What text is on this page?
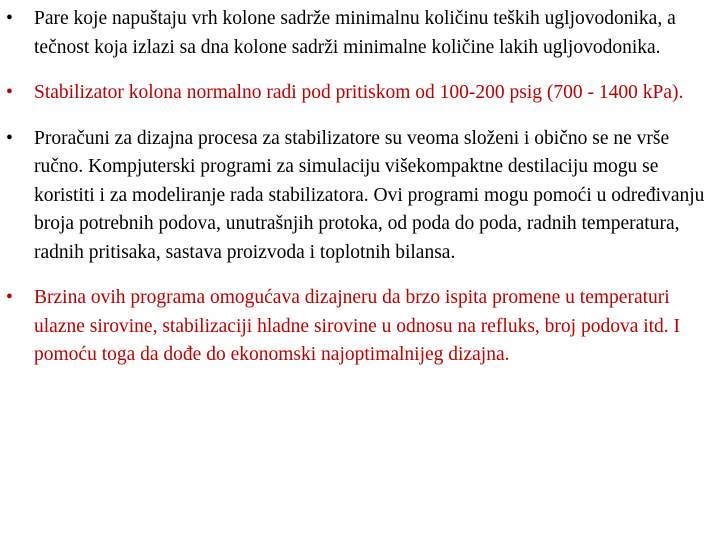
•	Pare koje napuštaju vrh kolone sadrže minimalnu količinu teških ugljovodonika, a tečnost koja izlazi sa dna kolone sadrži minimalne količine lakih ugljovodonika.
•	Stabilizator kolona normalno radi pod pritiskom od 100-200 psig (700 - 1400 kPa).
•	Proračuni za dizajna procesa za stabilizatore su veoma složeni i obično se ne vrše ručno. Kompjuterski programi za simulaciju višekompaktne destilaciju mogu se koristiti i za modeliranje rada stabilizatora. Ovi programi mogu pomoći u određivanju broja potrebnih podova, unutrašnjih protoka, od poda do poda, radnih temperatura, radnih pritisaka, sastava proizvoda i toplotnih bilansa.
•	Brzina ovih programa omogućava dizajneru da brzo ispita promene u temperaturi ulazne sirovine, stabilizaciji hladne sirovine u odnosu na refluks, broj podova itd. I pomoću toga da dođe do ekonomski najoptimalnijeg dizajna.
